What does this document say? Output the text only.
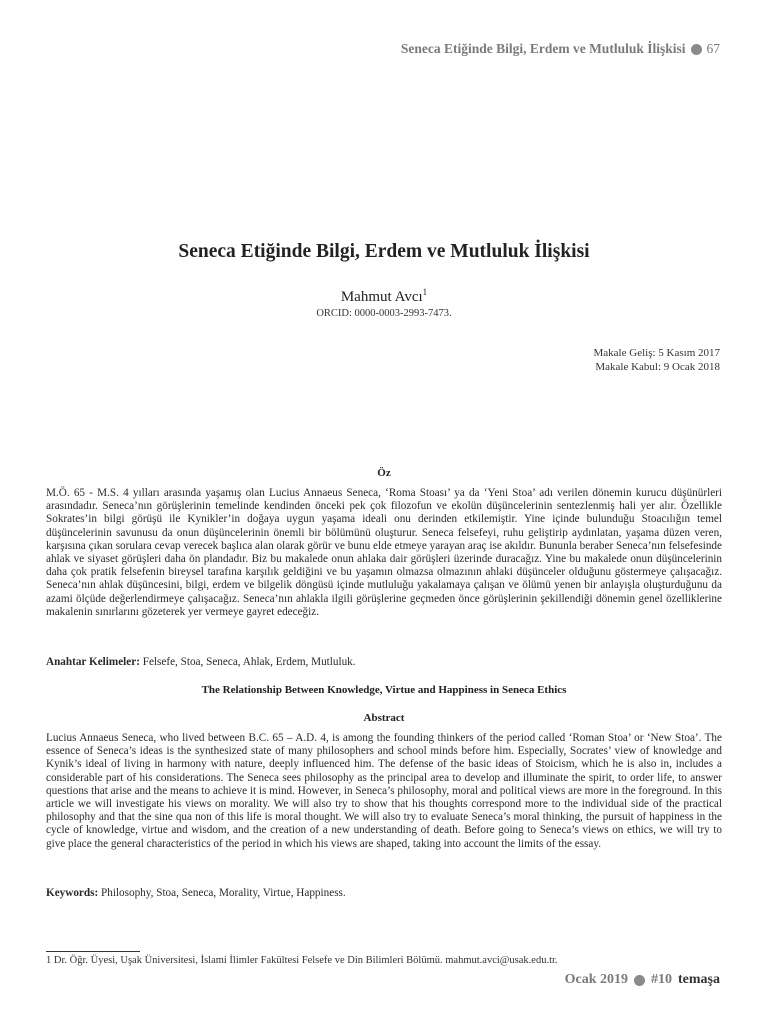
Seneca Etiğinde Bilgi, Erdem ve Mutluluk İlişkisi 67
Seneca Etiğinde Bilgi, Erdem ve Mutluluk İlişkisi
Mahmut Avcı$^1$
ORCID: 0000-0003-2993-7473.
Makale Geliş: 5 Kasım 2017
Makale Kabul: 9 Ocak 2018
Öz

M.Ö. 65 - M.S. 4 yılları arasında yaşamış olan Lucius Annaeus Seneca, ‘Roma Stoası’ ya da ‘Yeni Stoa’ adı verilen dönemin kurucu düşünürleri arasındadır. Seneca’nın görüşlerinin temelinde kendinden önceki pek çok filozofun ve ekolün düşüncelerinin sentezlenmiş hali yer alır. Özellikle Sokrates’in bilgi görüşü ile Kynikler’in doğaya uygun yaşama ideali onu derinden etkilemiştir. Yine içinde bulunduğu Stoacılığın temel düşüncelerinin savunusu da onun düşüncelerinin önemli bir bölümünü oluşturur. Seneca felsefeyi, ruhu geliştirip aydınlatan, yaşama düzen veren, karşısına çıkan sorulara cevap verecek başlıca alan olarak görür ve bunu elde etmeye yarayan araç ise akıldır. Bununla beraber Seneca’nın felsefesinde ahlak ve siyaset görüşleri daha ön plandadır. Biz bu makalede onun ahlaka dair görüşleri üzerinde duracağız. Yine bu makalede onun düşüncelerinin daha çok pratik felsefenin bireysel tarafına karşılık geldiğini ve bu yaşamın olmazsa olmazının ahlaki düşünceler olduğunu göstermeye çalışacağız. Seneca’nın ahlak düşüncesini, bilgi, erdem ve bilgelik döngüsü içinde mutluluğu yakalamaya çalışan ve ölümü yenen bir anlayışla oluşturduğunu da azami ölçüde değerlendirmeye çalışacağız. Seneca’nın ahlakla ilgili görüşlerine geçmeden önce görüşlerinin şekillendiği dönemin genel özelliklerine makalenin sınırlarını gözeterek yer vermeye gayret edeceğiz.

Anahtar Kelimeler: Felsefe, Stoa, Seneca, Ahlak, Erdem, Mutluluk.

The Relationship Between Knowledge, Virtue and Happiness in Seneca Ethics
Abstract

Lucius Annaeus Seneca, who lived between B.C. 65 – A.D. 4, is among the founding thinkers of the period called ‘Roman Stoa’ or ‘New Stoa’. The essence of Seneca’s ideas is the synthesized state of many philosophers and school minds before him. Especially, Socrates’ view of knowledge and Kynik’s ideal of living in harmony with nature, deeply influenced him. The defense of the basic ideas of Stoicism, which he is also in, includes a considerable part of his considerations. The Seneca sees philosophy as the principal area to develop and illuminate the spirit, to order life, to answer questions that arise and the means to achieve it is mind. However, in Seneca’s philosophy, moral and political views are more in the foreground. In this article we will investigate his views on morality. We will also try to show that his thoughts correspond more to the individual side of the practical philosophy and that the sine qua non of this life is moral thought. We will also try to evaluate Seneca’s moral thinking, the pursuit of happiness in the cycle of knowledge, virtue and wisdom, and the creation of a new understanding of death. Before going to Seneca’s views on ethics, we will try to give place the general characteristics of the period in which his views are shaped, taking into account the limits of the essay.

Keywords: Philosophy, Stoa, Seneca, Morality, Virtue, Happiness.

1 Dr. Öğr. Üyesi, Uşak Üniversitesi, İslami İlimler Fakültesi Felsefe ve Din Bilimleri Bölümü. mahmut.avci@usak.edu.tr.
Ocak 2019 #10 temaşa
